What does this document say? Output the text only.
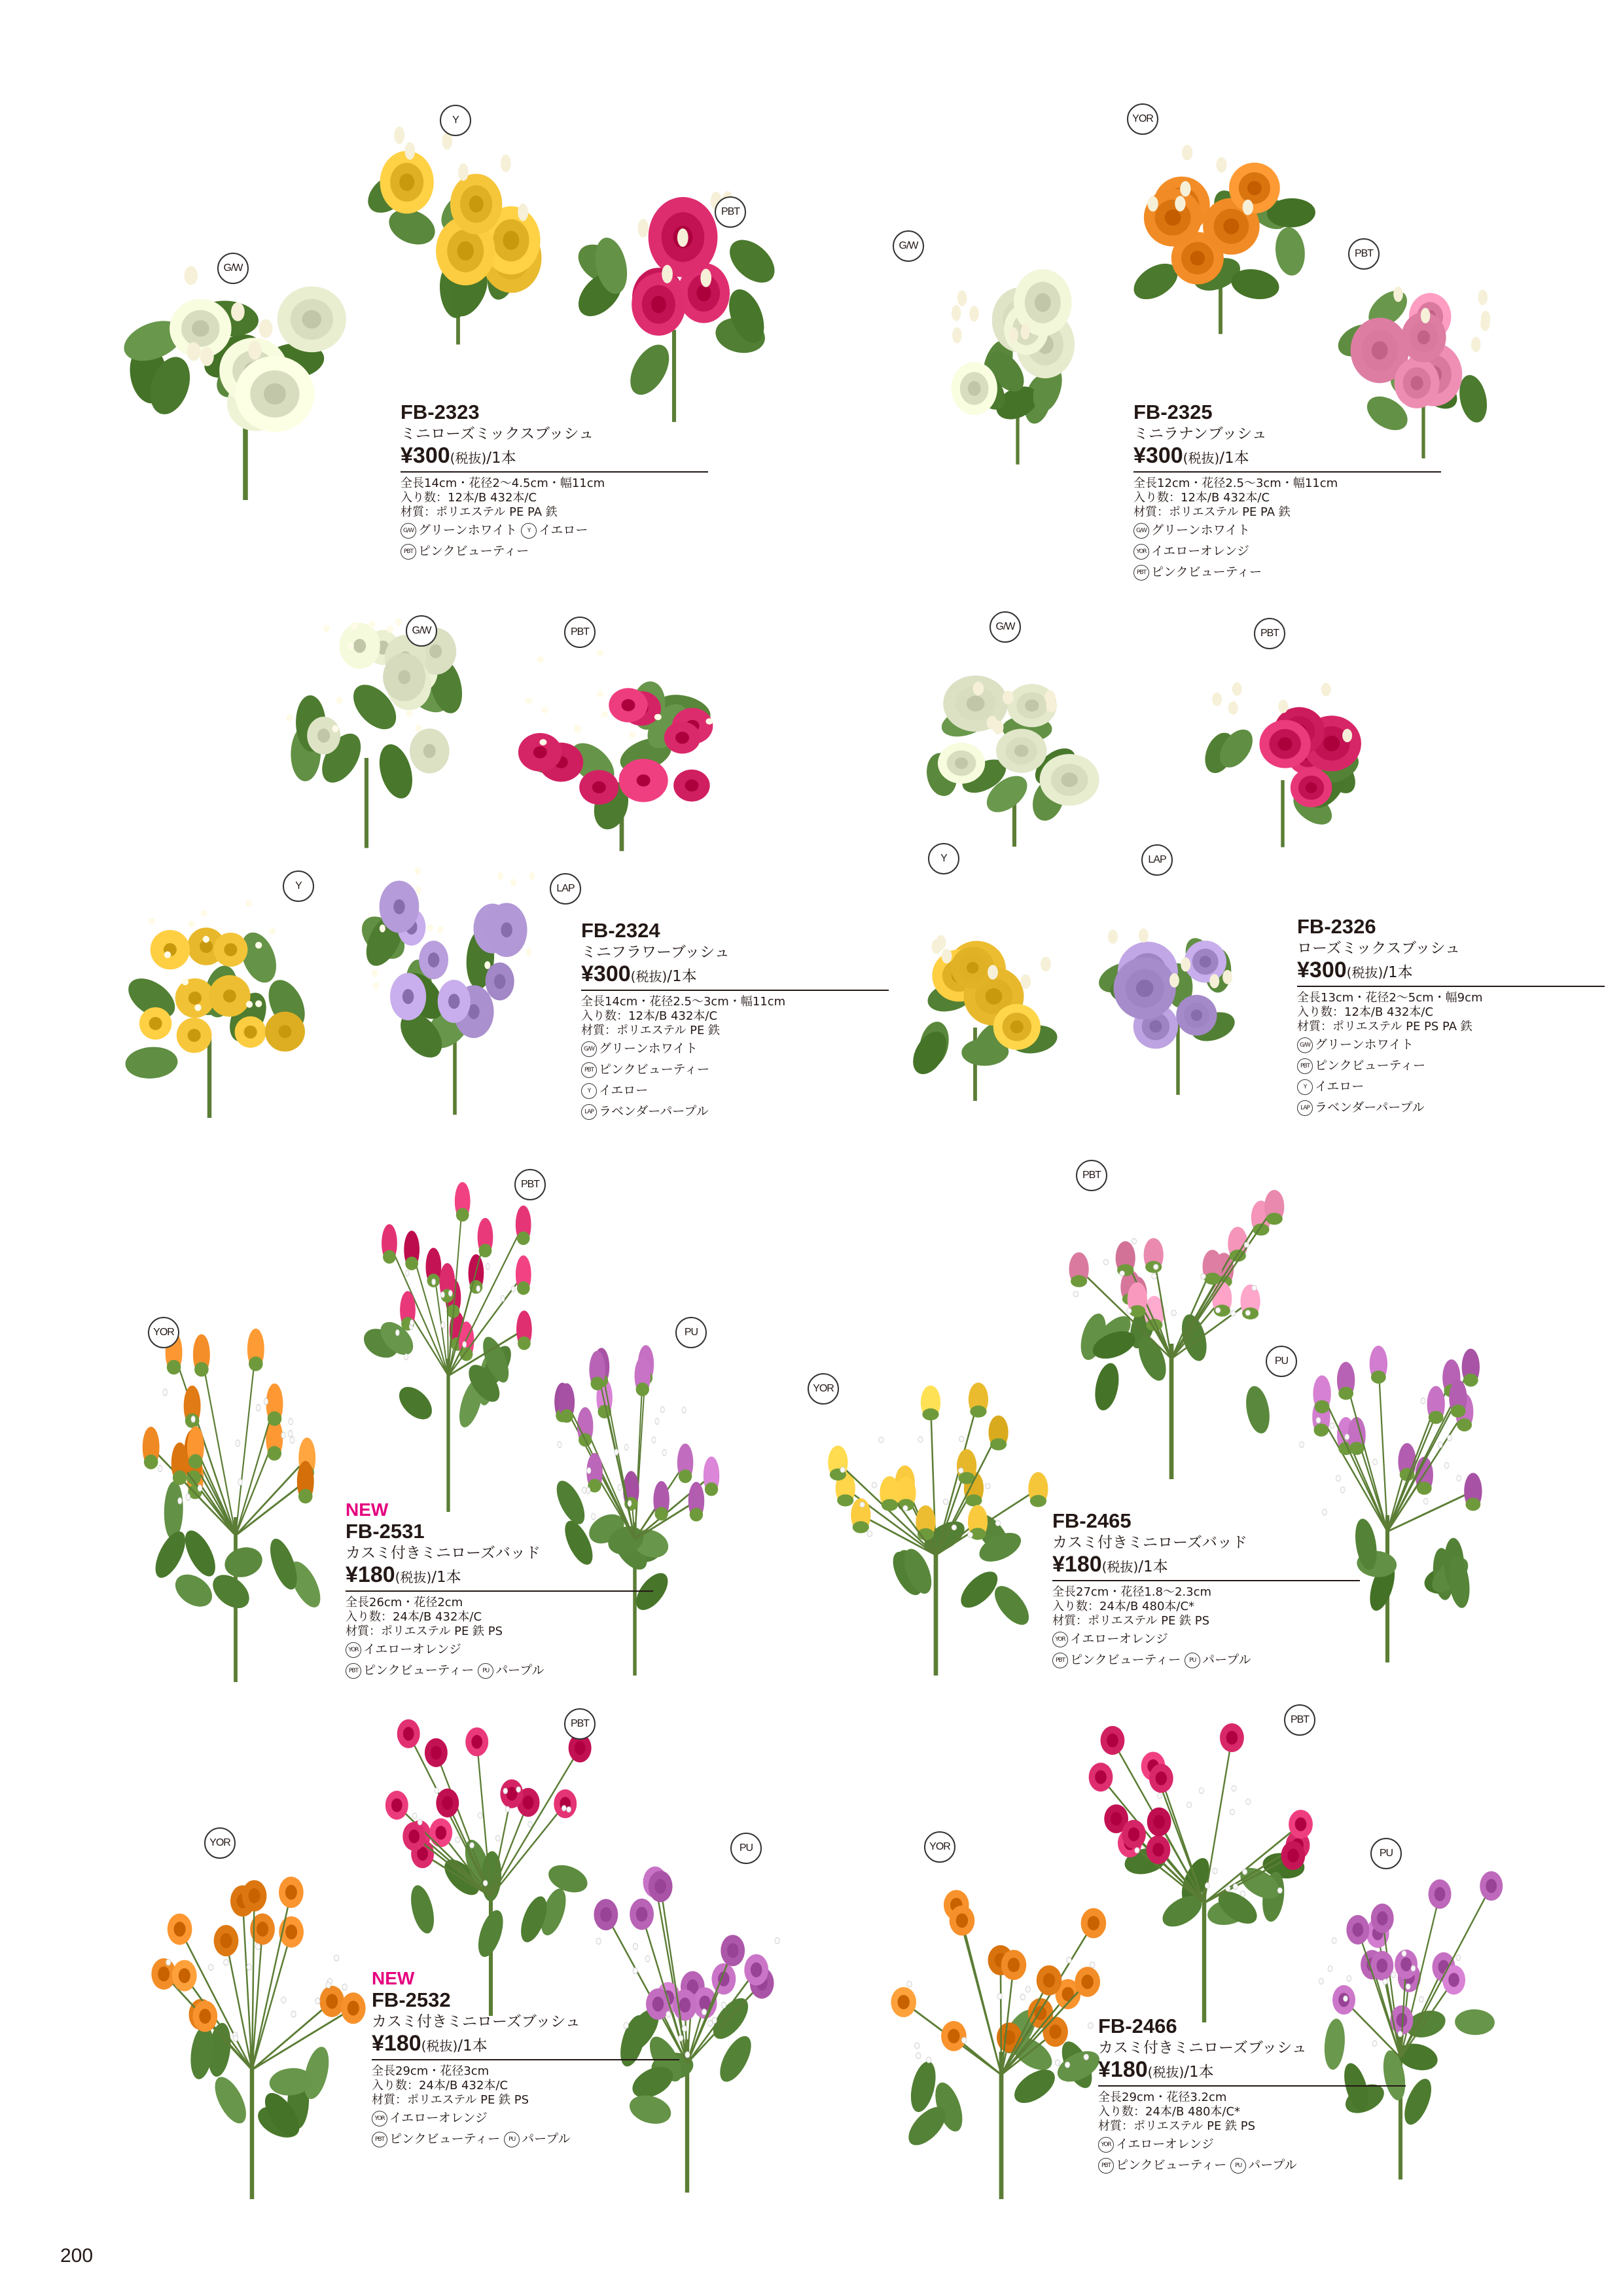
G/W
Y
PBT
G/W
YOR
PBT
G/W	PBT
Y	LAP
G/W
PBT
Y	LAP
YOR
PBT
PU
YOR
PBT
PU
YOR
PBT
PU	YOR
PBT
PU
FB-2323
ミニローズミックスブッシュ
¥300(税抜)/1本
全長14cm・花径2〜4.5cm・幅11cm
入り数：12本/B 432本/C
材質：ポリエステル PE PA 鉄
G/W グリーンホワイト Y イエロー
PBT ピンクビューティー
FB-2325
ミニラナンブッシュ
¥300(税抜)/1本
全長12cm・花径2.5〜3cm・幅11cm
入り数：12本/B 432本/C
材質：ポリエステル PE PA 鉄
G/W グリーンホワイト
YOR イエローオレンジ
PBT ピンクビューティー
FB-2324
ミニフラワーブッシュ
¥300(税抜)/1本
全長14cm・花径2.5〜3cm・幅11cm
入り数：12本/B 432本/C
材質：ポリエステル PE 鉄
G/W グリーンホワイト
PBT ピンクビューティー
Y イエロー
LAP ラベンダーパープル
FB-2326
ローズミックスブッシュ
¥300(税抜)/1本
全長13cm・花径2〜5cm・幅9cm
入り数：12本/B 432本/C
材質：ポリエステル PE PS PA 鉄
G/W グリーンホワイト
PBT ピンクビューティー
Y イエロー
LAP ラベンダーパープル
NEW
FB-2531
カスミ付きミニローズバッド
¥180(税抜)/1本
全長26cm・花径2cm
入り数：24本/B 432本/C
材質：ポリエステル PE 鉄 PS
YOR イエローオレンジ
PBT ピンクビューティー PU パープル
FB-2465
カスミ付きミニローズバッド
¥180(税抜)/1本
全長27cm・花径1.8〜2.3cm
入り数：24本/B 480本/C*
材質：ポリエステル PE 鉄 PS
YOR イエローオレンジ
PBT ピンクビューティー PU パープル
NEW
FB-2532
カスミ付きミニローズブッシュ
¥180(税抜)/1本
全長29cm・花径3cm
入り数：24本/B 432本/C
材質：ポリエステル PE 鉄 PS
YOR イエローオレンジ
PBT ピンクビューティー PU パープル
FB-2466
カスミ付きミニローズブッシュ
¥180(税抜)/1本
全長29cm・花径3.2cm
入り数：24本/B 480本/C*
材質：ポリエステル PE 鉄 PS
YOR イエローオレンジ
PBT ピンクビューティー PU パープル
200
